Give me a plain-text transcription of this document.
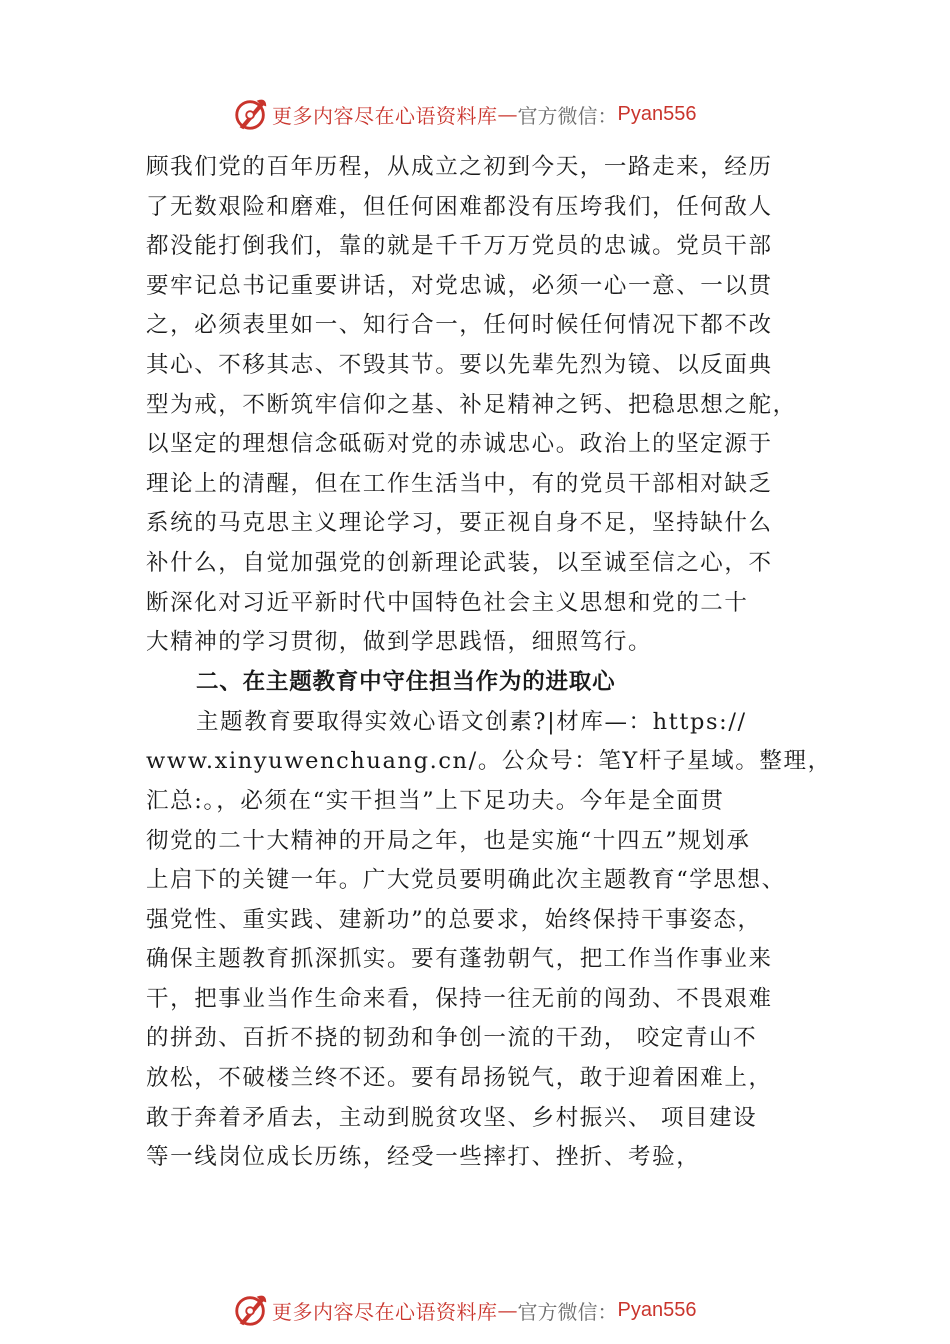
更多内容尽在心语资料库 — 官方微信： Pyan556
顾我们党的百年历程，从成立之初到今天，一路走来，经历
了无数艰险和磨难，但任何困难都没有压垮我们，任何敌人
都没能打倒我们，靠的就是千千万万党员的忠诚。党员干部
要牢记总书记重要讲话，对党忠诚，必须一心一意、一以贯
之，必须表里如一、知行合一，任何时候任何情况下都不改
其心、不移其志、不毁其节。要以先辈先烈为镜、以反面典
型为戒，不断筑牢信仰之基、补足精神之钙、把稳思想之舵，
以坚定的理想信念砥砺对党的赤诚忠心。政治上的坚定源于
理论上的清醒，但在工作生活当中，有的党员干部相对缺乏
系统的马克思主义理论学习，要正视自身不足，坚持缺什么
补什么，自觉加强党的创新理论武装，以至诚至信之心，不
断深化对习近平新时代中国特色社会主义思想和党的二十
大精神的学习贯彻，做到学思践悟，细照笃行。
二、在主题教育中守住担当作为的进取心
主题教育要取得实效心语文创素?|材库—：https://
www.xinyuwenchuang.cn/。公众号：笔Y杆子星域。整理，
汇总:。，必须在“实干担当”上下足功夫。今年是全面贯
彻党的二十大精神的开局之年，也是实施“十四五”规划承
上启下的关键一年。广大党员要明确此次主题教育“学思想、
强党性、重实践、建新功”的总要求，始终保持干事姿态，
确保主题教育抓深抓实。要有蓬勃朝气，把工作当作事业来
干，把事业当作生命来看，保持一往无前的闯劲、不畏艰难
的拼劲、百折不挠的韧劲和争创一流的干劲， 咬定青山不
放松，不破楼兰终不还。要有昂扬锐气，敢于迎着困难上，
敢于奔着矛盾去，主动到脱贫攻坚、乡村振兴、 项目建设
等一线岗位成长历练，经受一些摔打、挫折、考验，
更多内容尽在心语资料库 — 官方微信： Pyan556
